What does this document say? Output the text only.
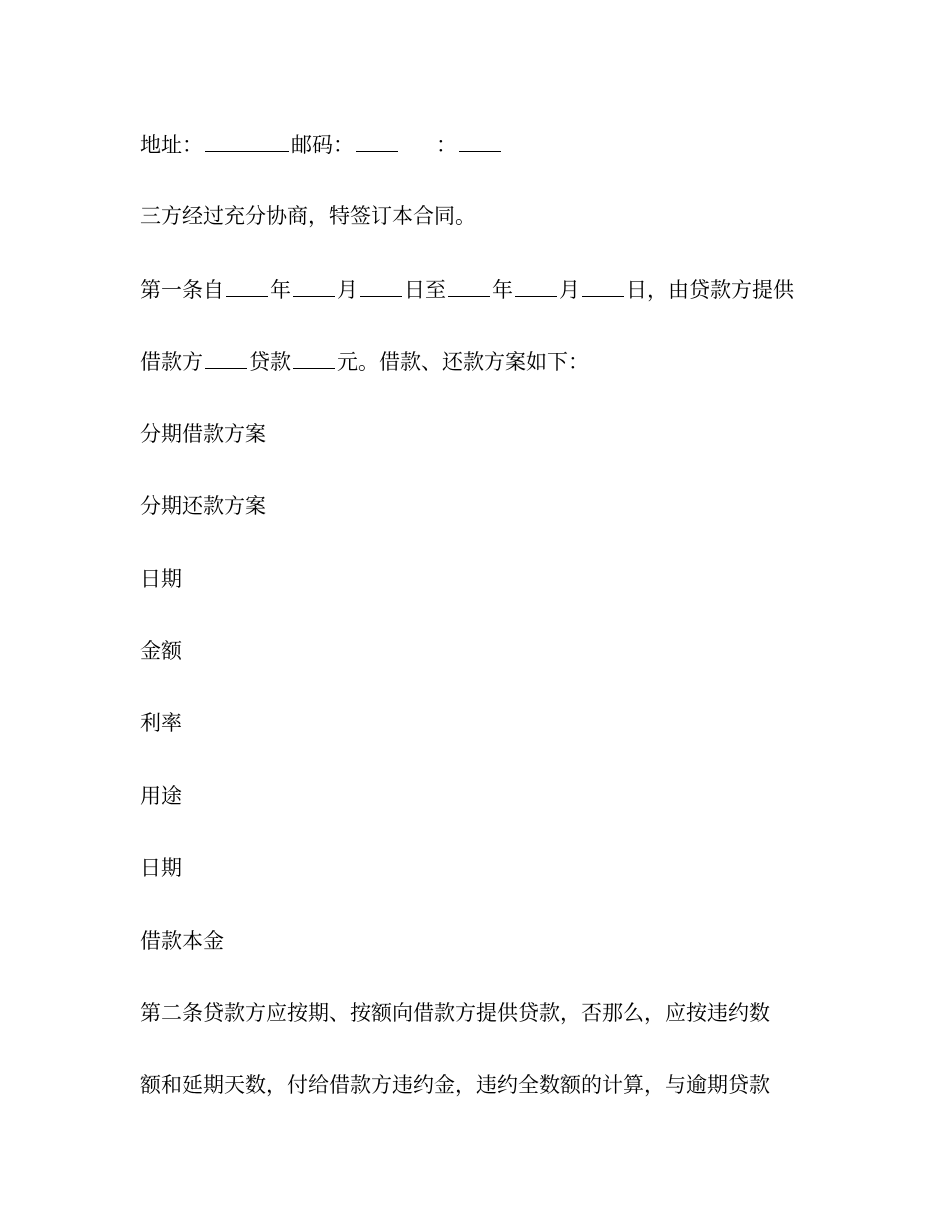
地址：	邮码：	：

三方经过充分协商，特签订本合同。

第一条自 年 月 日至 年 月 日，由贷款方提供

借款方 贷款 元。借款、还款方案如下：

分期借款方案

分期还款方案

日期

金额

利率

用途

日期

借款本金

第二条贷款方应按期、按额向借款方提供贷款，否那么，应按违约数

额和延期天数，付给借款方违约金，违约全数额的计算，与逾期贷款
